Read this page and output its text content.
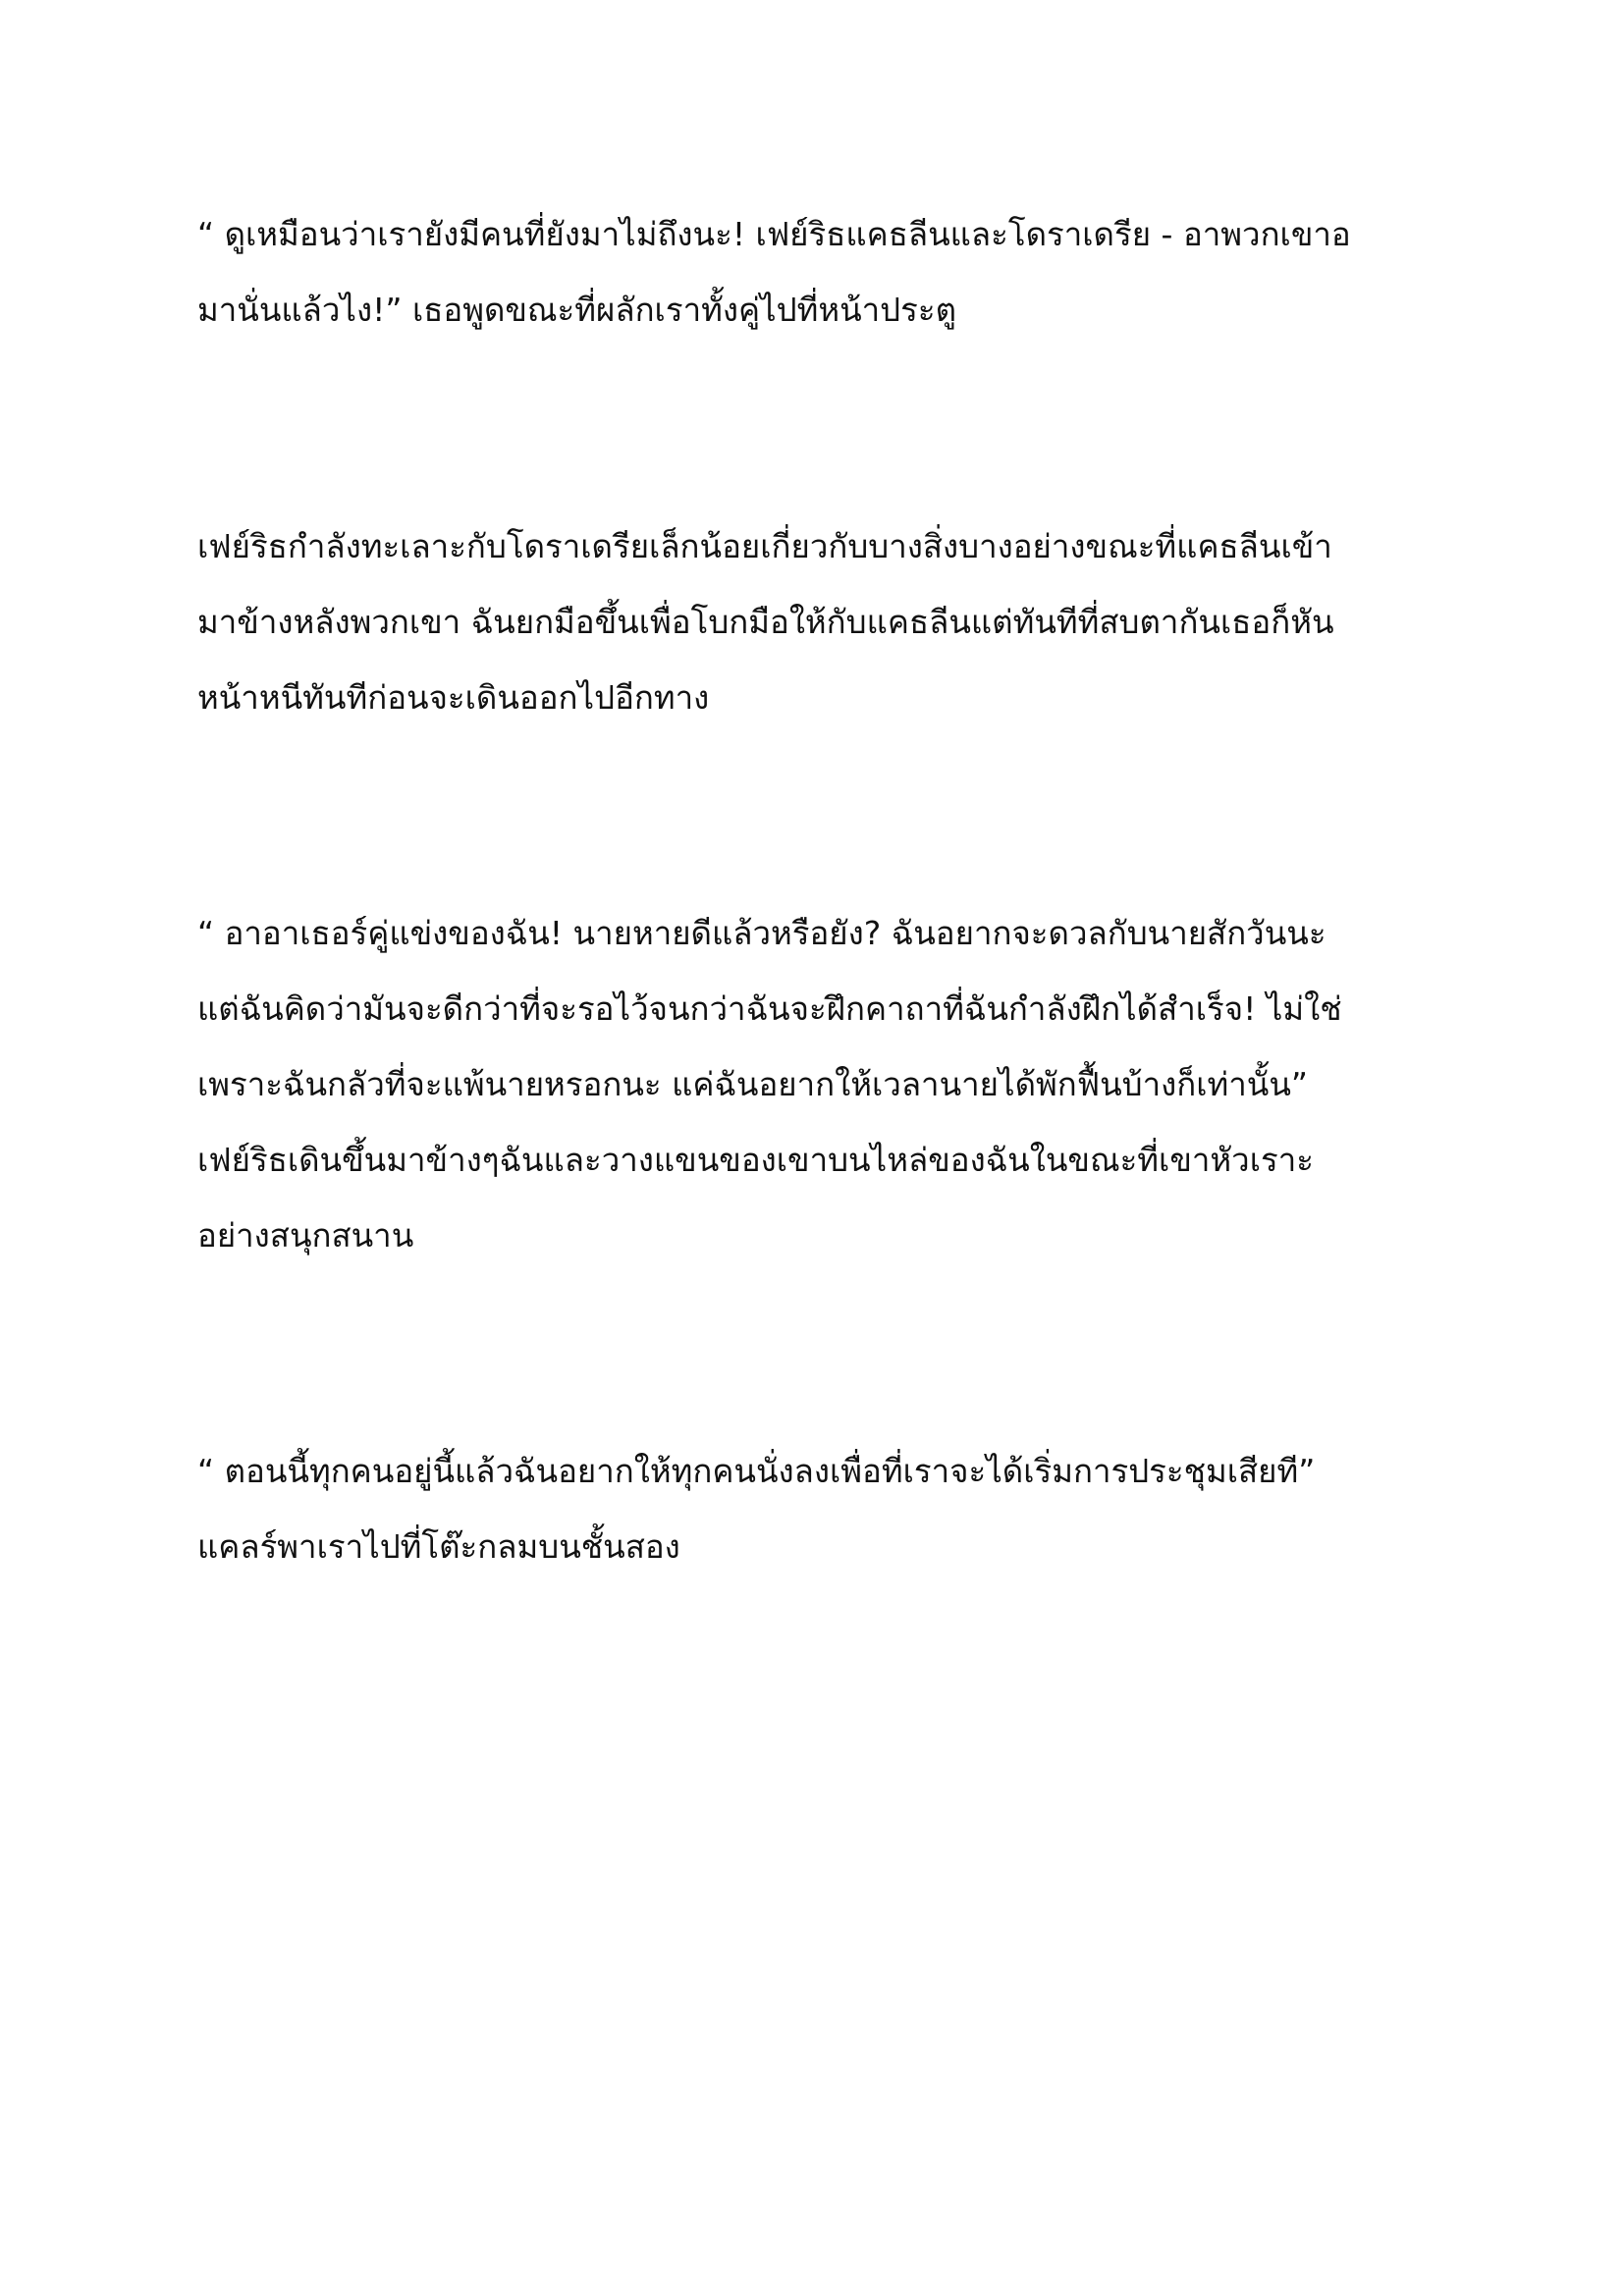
“ ดูเหมือนว่าเรายังมีคนที่ยังมาไม่ถึงนะ! เฟย์ริธแคธลีนและโดราเดรีย - อาพวกเขาอ
มานั่นแล้วไง!” เธอพูดขณะที่ผลักเราทั้งคู่ไปที่หน้าประตู

เฟย์ริธกำลังทะเลาะกับโดราเดรียเล็กน้อยเกี่ยวกับบางสิ่งบางอย่างขณะที่แคธลีนเข้า
มาข้างหลังพวกเขา ฉันยกมือขึ้นเพื่อโบกมือให้กับแคธลีนแต่ทันทีที่สบตากันเธอก็หัน
หน้าหนีทันทีก่อนจะเดินออกไปอีกทาง

“ อาอาเธอร์คู่แข่งของฉัน! นายหายดีแล้วหรือยัง? ฉันอยากจะดวลกับนายสักวันนะ
แต่ฉันคิดว่ามันจะดีกว่าที่จะรอไว้จนกว่าฉันจะฝึกคาถาที่ฉันกำลังฝึกได้สำเร็จ! ไม่ใช่
เพราะฉันกลัวที่จะแพ้นายหรอกนะ แค่ฉันอยากให้เวลานายได้พักฟื้นบ้างก็เท่านั้น”
เฟย์ริธเดินขึ้นมาข้างๆฉันและวางแขนของเขาบนไหล่ของฉันในขณะที่เขาหัวเราะ
อย่างสนุกสนาน

“ ตอนนี้ทุกคนอยู่นี้แล้วฉันอยากให้ทุกคนนั่งลงเพื่อที่เราจะได้เริ่มการประชุมเสียที”
แคลร์พาเราไปที่โต๊ะกลมบนชั้นสอง
